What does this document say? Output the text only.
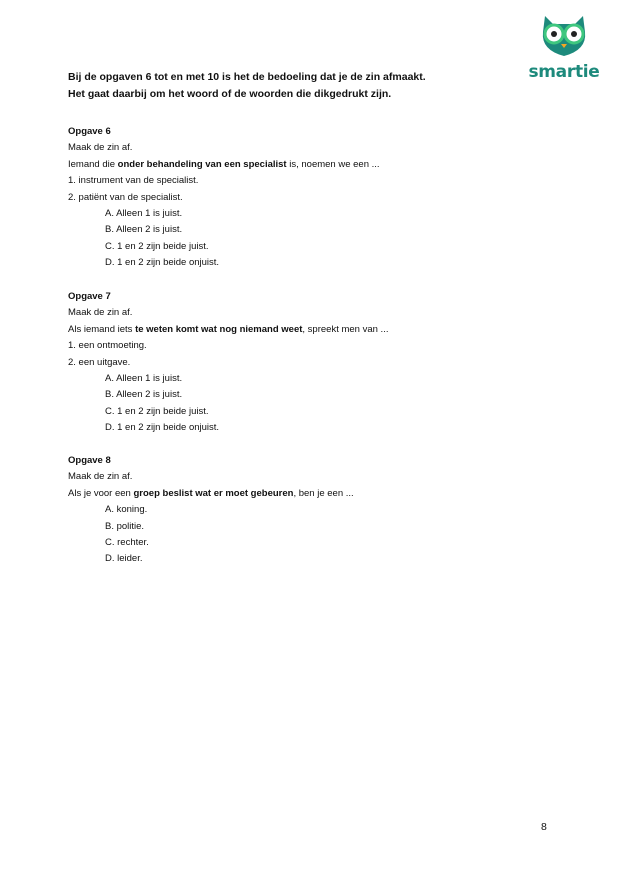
smartie

Bij de opgaven 6 tot en met 10 is het de bedoeling dat je de zin afmaakt.

Het gaat daarbij om het woord of de woorden die dikgedrukt zijn.

Opgave 6
Maak de zin af.
Iemand die onder behandeling van een specialist is, noemen we een ...
1. instrument van de specialist.
2. patiënt van de specialist.
A. Alleen 1 is juist.
B. Alleen 2 is juist.
C. 1 en 2 zijn beide juist.
D. 1 en 2 zijn beide onjuist.
Opgave 7
Maak de zin af.
Als iemand iets te weten komt wat nog niemand weet, spreekt men van ...
1. een ontmoeting.
2. een uitgave.
A. Alleen 1 is juist.
B. Alleen 2 is juist.
C. 1 en 2 zijn beide juist.
D. 1 en 2 zijn beide onjuist.
Opgave 8
Maak de zin af.
Als je voor een groep beslist wat er moet gebeuren, ben je een ...
A. koning.
B. politie.
C. rechter.
D. leider.
8
